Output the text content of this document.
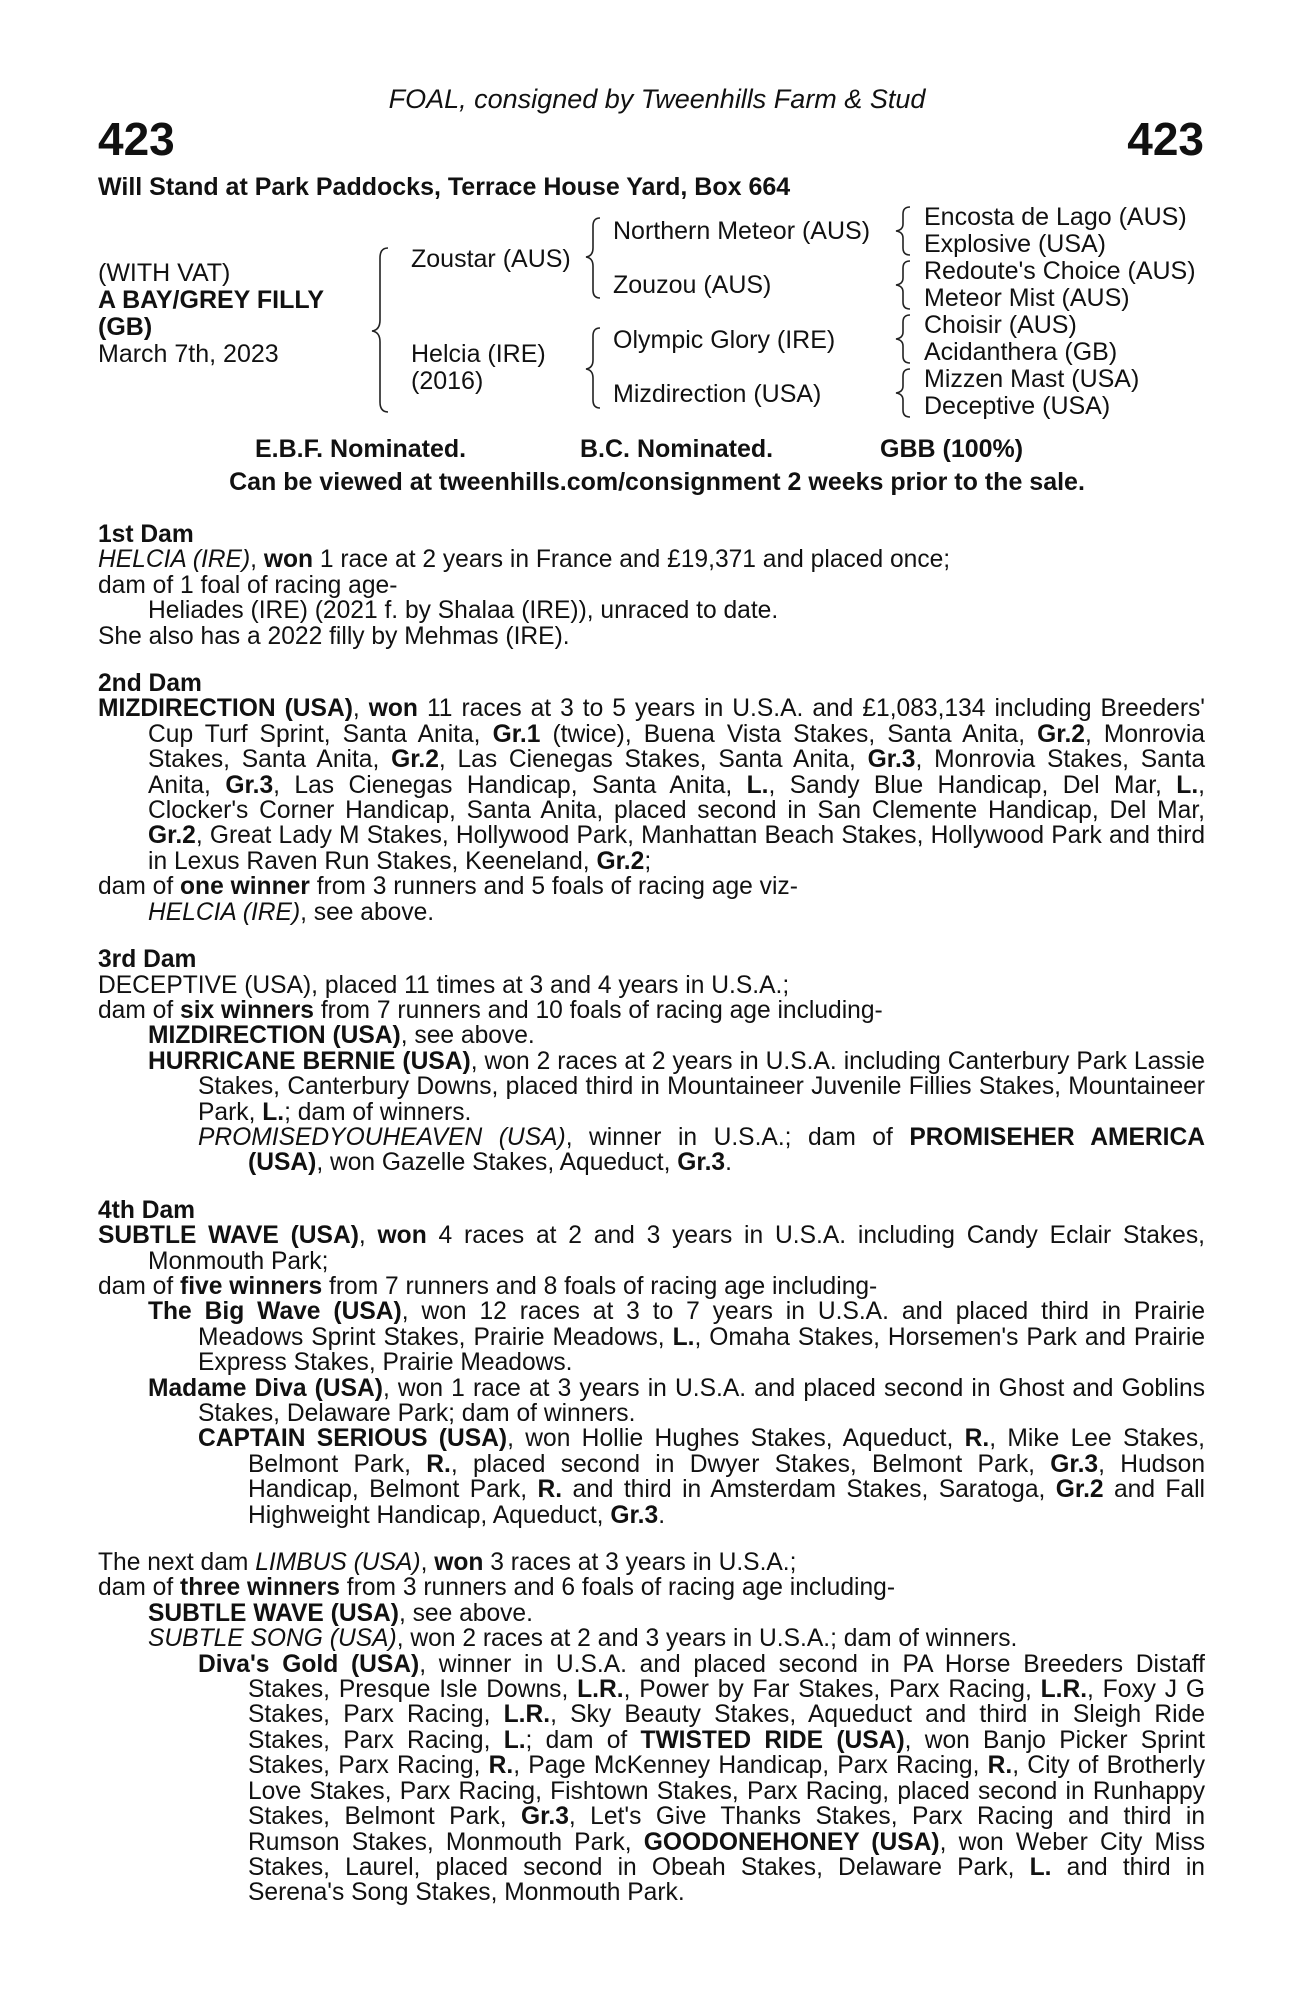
FOAL, consigned by Tweenhills Farm & Stud
423	423
Will Stand at Park Paddocks, Terrace House Yard, Box 664
(WITH VAT)
A BAY/GREY FILLY
(GB)
March 7th, 2023
Zoustar (AUS)
Helcia (IRE)
(2016)
Northern Meteor (AUS)
Zouzou (AUS)
Olympic Glory (IRE)
Mizdirection (USA)
Encosta de Lago (AUS)
Explosive (USA)
Redoute's Choice (AUS)
Meteor Mist (AUS)
Choisir (AUS)
Acidanthera (GB)
Mizzen Mast (USA)
Deceptive (USA)
E.B.F. Nominated.	B.C. Nominated.	GBB (100%)
Can be viewed at tweenhills.com/consignment 2 weeks prior to the sale.

1st Dam

HELCIA (IRE), won 1 race at 2 years in France and £19,371 and placed once;

dam of 1 foal of racing age-

Heliades (IRE) (2021 f. by Shalaa (IRE)), unraced to date.

She also has a 2022 filly by Mehmas (IRE).

2nd Dam

MIZDIRECTION (USA), won 11 races at 3 to 5 years in U.S.A. and £1,083,134 including Breeders' Cup Turf Sprint, Santa Anita, Gr.1 (twice), Buena Vista Stakes, Santa Anita, Gr.2, Monrovia Stakes, Santa Anita, Gr.2, Las Cienegas Stakes, Santa Anita, Gr.3, Monrovia Stakes, Santa Anita, Gr.3, Las Cienegas Handicap, Santa Anita, L., Sandy Blue Handicap, Del Mar, L., Clocker's Corner Handicap, Santa Anita, placed second in San Clemente Handicap, Del Mar, Gr.2, Great Lady M Stakes, Hollywood Park, Manhattan Beach Stakes, Hollywood Park and third in Lexus Raven Run Stakes, Keeneland, Gr.2;

dam of one winner from 3 runners and 5 foals of racing age viz-

HELCIA (IRE), see above.

3rd Dam

DECEPTIVE (USA), placed 11 times at 3 and 4 years in U.S.A.;

dam of six winners from 7 runners and 10 foals of racing age including-

MIZDIRECTION (USA), see above.

HURRICANE BERNIE (USA), won 2 races at 2 years in U.S.A. including Canterbury Park Lassie Stakes, Canterbury Downs, placed third in Mountaineer Juvenile Fillies Stakes, Mountaineer Park, L.; dam of winners.

PROMISEDYOUHEAVEN (USA), winner in U.S.A.; dam of PROMISEHER AMERICA (USA), won Gazelle Stakes, Aqueduct, Gr.3.

4th Dam

SUBTLE WAVE (USA), won 4 races at 2 and 3 years in U.S.A. including Candy Eclair Stakes, Monmouth Park;

dam of five winners from 7 runners and 8 foals of racing age including-

The Big Wave (USA), won 12 races at 3 to 7 years in U.S.A. and placed third in Prairie Meadows Sprint Stakes, Prairie Meadows, L., Omaha Stakes, Horsemen's Park and Prairie Express Stakes, Prairie Meadows.

Madame Diva (USA), won 1 race at 3 years in U.S.A. and placed second in Ghost and Goblins Stakes, Delaware Park; dam of winners.

CAPTAIN SERIOUS (USA), won Hollie Hughes Stakes, Aqueduct, R., Mike Lee Stakes, Belmont Park, R., placed second in Dwyer Stakes, Belmont Park, Gr.3, Hudson Handicap, Belmont Park, R. and third in Amsterdam Stakes, Saratoga, Gr.2 and Fall Highweight Handicap, Aqueduct, Gr.3.

The next dam LIMBUS (USA), won 3 races at 3 years in U.S.A.;

dam of three winners from 3 runners and 6 foals of racing age including-

SUBTLE WAVE (USA), see above.

SUBTLE SONG (USA), won 2 races at 2 and 3 years in U.S.A.; dam of winners.

Diva's Gold (USA), winner in U.S.A. and placed second in PA Horse Breeders Distaff Stakes, Presque Isle Downs, L.R., Power by Far Stakes, Parx Racing, L.R., Foxy J G Stakes, Parx Racing, L.R., Sky Beauty Stakes, Aqueduct and third in Sleigh Ride Stakes, Parx Racing, L.; dam of TWISTED RIDE (USA), won Banjo Picker Sprint Stakes, Parx Racing, R., Page McKenney Handicap, Parx Racing, R., City of Brotherly Love Stakes, Parx Racing, Fishtown Stakes, Parx Racing, placed second in Runhappy Stakes, Belmont Park, Gr.3, Let's Give Thanks Stakes, Parx Racing and third in Rumson Stakes, Monmouth Park, GOODONEHONEY (USA), won Weber City Miss Stakes, Laurel, placed second in Obeah Stakes, Delaware Park, L. and third in Serena's Song Stakes, Monmouth Park.
